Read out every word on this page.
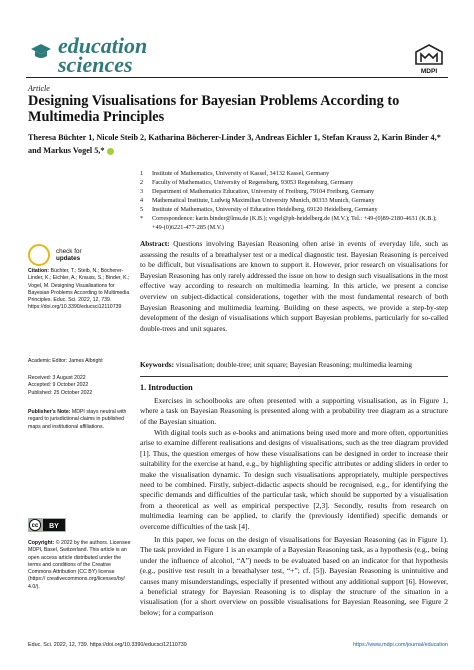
education
sciences	MDPI
Article
Designing Visualisations for Bayesian Problems According to Multimedia Principles
Theresa Büchter 1, Nicole Steib 2, Katharina Böcherer-Linder 3, Andreas Eichler 1, Stefan Krauss 2, Karin Binder 4,* and Markus Vogel 5,*
1	Institute of Mathematics, University of Kassel, 34132 Kassel, Germany
2	Faculty of Mathematics, University of Regensburg, 93053 Regensburg, Germany
3	Department of Mathematics Education, University of Freiburg, 79104 Freiburg, Germany
4	Mathematical Institute, Ludwig Maximilian University Munich, 80333 Munich, Germany
5	Institute of Mathematics, University of Education Heidelberg, 69120 Heidelberg, Germany
*	Correspondence: karin.binder@lmu.de (K.B.); vogel@ph-heidelberg.de (M.V.); Tel.: +49-(0)89-2180-4631 (K.B.); +49-(0)6221-477-285 (M.V.)
Abstract: Questions involving Bayesian Reasoning often arise in events of everyday life, such as assessing the results of a breathalyser test or a medical diagnostic test. Bayesian Reasoning is perceived to be difficult, but visualisations are known to support it. However, prior research on visualisations for Bayesian Reasoning has only rarely addressed the issue on how to design such visualisations in the most effective way according to research on multimedia learning. In this article, we present a concise overview on subject-didactical considerations, together with the most fundamental research of both Bayesian Reasoning and multimedia learning. Building on these aspects, we provide a step-by-step development of the design of visualisations which support Bayesian problems, particularly for so-called double-trees and unit squares.
Keywords: visualisation; double-tree; unit square; Bayesian Reasoning; multimedia learning
check for
updates
Citation: Büchter, T.; Steib, N.; Böcherer-Linder, K.; Eichler, A.; Krauss, S.; Binder, K.; Vogel, M. Designing Visualisations for Bayesian Problems According to Multimedia Principles. Educ. Sci. 2022, 12, 739. https://doi.org/10.3390/educsci12110739
Academic Editor: James Albright
Received: 3 August 2022
Accepted: 9 October 2022
Published: 25 October 2022
Publisher's Note: MDPI stays neutral with regard to jurisdictional claims in published maps and institutional affiliations.
cc BY
Copyright: © 2022 by the authors. Licensee MDPI, Basel, Switzerland. This article is an open access article distributed under the terms and conditions of the Creative Commons Attribution (CC BY) license (https:// creativecommons.org/licenses/by/ 4.0/).
1. Introduction
Exercises in schoolbooks are often presented with a supporting visualisation, as in Figure 1, where a task on Bayesian Reasoning is presented along with a probability tree diagram as a structure of the Bayesian situation.
With digital tools such as e-books and animations being used more and more often, opportunities arise to examine different realisations and designs of visualisations, such as the tree diagram provided [1]. Thus, the question emerges of how these visualisations can be designed in order to increase their suitability for the exercise at hand, e.g., by highlighting specific attributes or adding sliders in order to make the visualisation dynamic. To design such visualisations appropriately, multiple perspectives need to be combined. Firstly, subject-didactic aspects should be recognised, e.g., for identifying the specific demands and difficulties of the particular task, which should be supported by a visualisation from a theoretical as well as empirical perspective [2,3]. Secondly, results from research on multimedia learning can be applied, to clarify the (previously identified) specific demands or overcome difficulties of the task [4].
In this paper, we focus on the design of visualisations for Bayesian Reasoning (as in Figure 1). The task provided in Figure 1 is an example of a Bayesian Reasoning task, as a hypothesis (e.g., being under the influence of alcohol, “A”) needs to be evaluated based on an indicator for that hypothesis (e.g., positive test result in a breathalyser test, “+”; cf. [5]). Bayesian Reasoning is unintuitive and causes many misunderstandings, especially if presented without any additional support [6]. However, a beneficial strategy for Bayesian Reasoning is to display the structure of the situation in a visualisation (for a short overview on possible visualisations for Bayesian Reasoning, see Figure 2 below; for a comparison
Educ. Sci. 2022, 12, 739. https://doi.org/10.3390/educsci12110739	https://www.mdpi.com/journal/education
